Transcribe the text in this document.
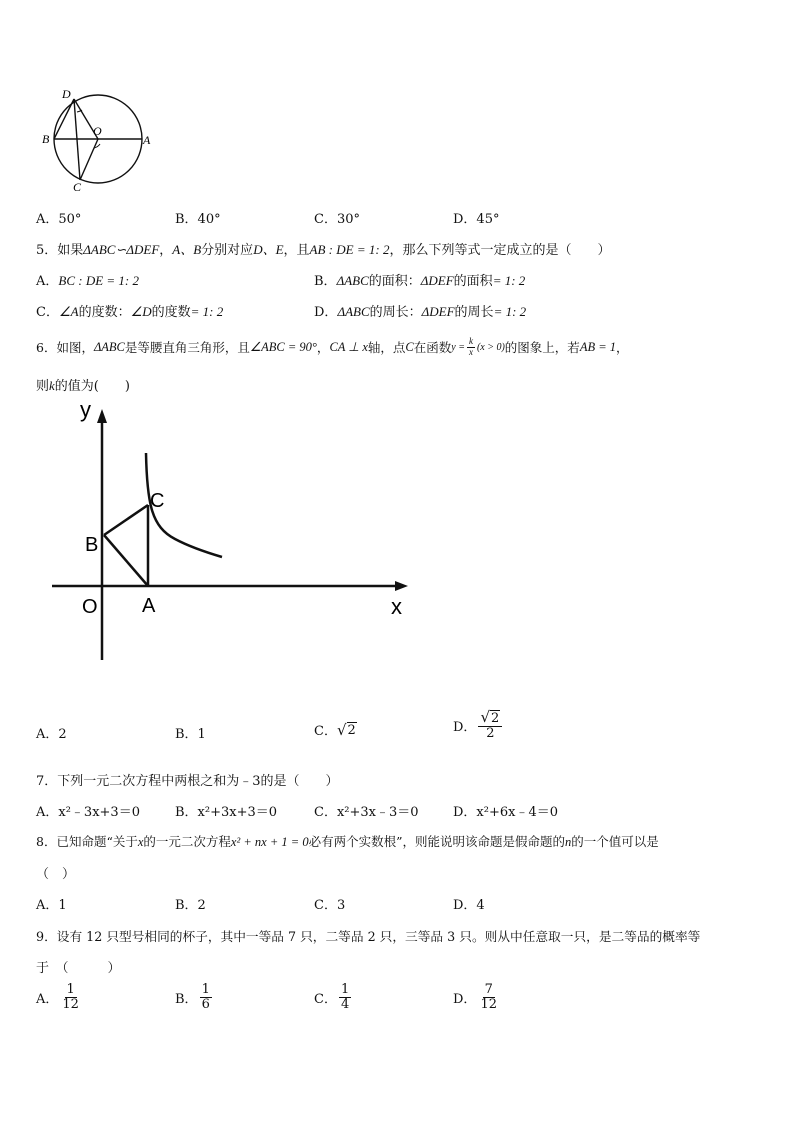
D
B
O
A
C
A．50°	B．40°	C．30°	D．45°
5．如果ΔABC∽ΔDEF，A、B分别对应D、E，且AB : DE = 1: 2，那么下列等式一定成立的是（　　）
A．BC : DE = 1: 2	B．ΔABC的面积：ΔDEF的面积= 1: 2
C．∠A的度数：∠D的度数= 1: 2	D．ΔABC的周长：ΔDEF的周长= 1: 2
6．如图， ΔABC 是等腰直角三角形，且 ∠ABC = 90° ， CA ⊥ x 轴，点 C 在函数 $y = \frac{k}{x} (x > 0)$ 的图象上，若 AB = 1 ，
则k的值为(　　)
y
x
O A
B
C
A．2	B．1	C． √ 2	D． $\frac{√2}{2}$
7．下列一元二次方程中两根之和为﹣3的是（　　）
A．x²﹣3x+3＝0	B．x²+3x+3＝0	C．x²+3x﹣3＝0	D．x²+6x﹣4＝0
8．已知命题“关于x的一元二次方程x² + nx + 1 = 0必有两个实数根”，则能说明该命题是假命题的n的一个值可以是
（　）
A．1	B．2	C．3	D．4
9．设有 12 只型号相同的杯子，其中一等品 7 只，二等品 2 只，三等品 3 只。则从中任意取一只，是二等品的概率等
于　（　　　）
A． $\frac{1}{12}$	B． $\frac{1}{6}$	C． $\frac{1}{4}$	D． $\frac{7}{12}$
